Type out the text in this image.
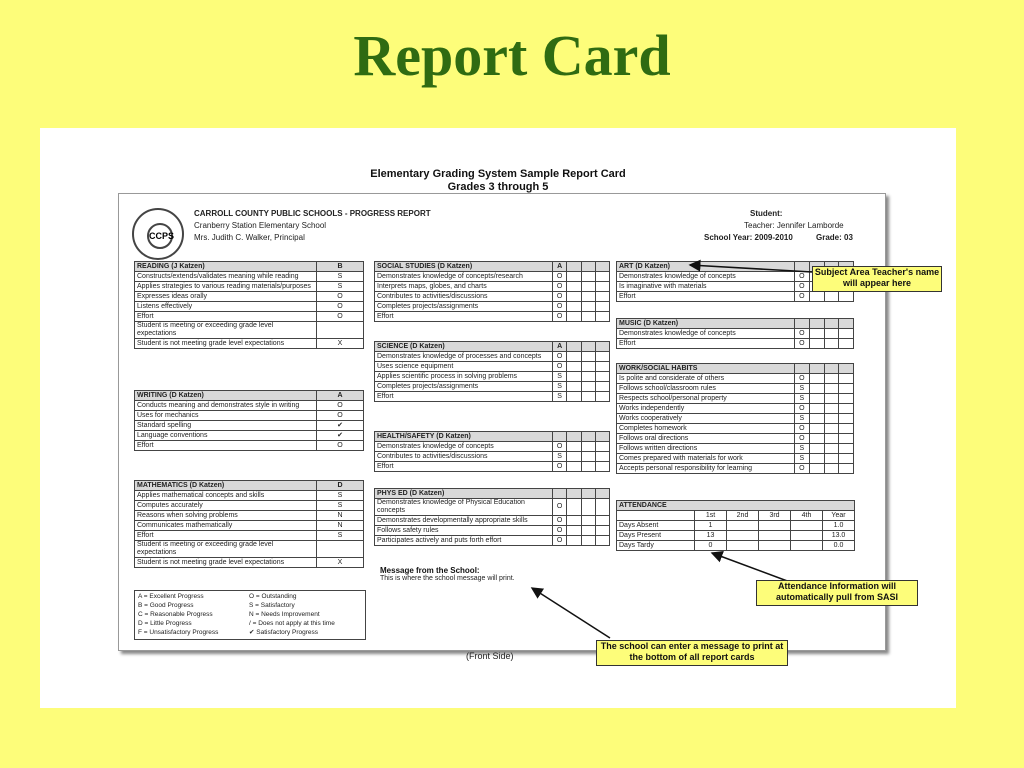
Report Card
Elementary Grading System Sample Report Card
Grades 3 through 5
CCPS
CARROLL COUNTY PUBLIC SCHOOLS - PROGRESS REPORT
Cranberry Station Elementary School
Mrs. Judith C. Walker, Principal
Student:
Teacher: Jennifer Lamborde
School Year: 2009-2010	Grade: 03
READING (J Katzen)	B
Constructs/extends/validates meaning while reading	S
Applies strategies to various reading materials/purposes	S
Expresses ideas orally	O
Listens effectively	O
Effort	O
Student is meeting or exceeding grade level expectations	
Student is not meeting grade level expectations	X
WRITING (D Katzen)	A
Conducts meaning and demonstrates style in writing	O
Uses for mechanics	O
Standard spelling	✔
Language conventions	✔
Effort	O
MATHEMATICS (D Katzen)	D
Applies mathematical concepts and skills	S
Computes accurately	S
Reasons when solving problems	N
Communicates mathematically	N
Effort	S
Student is meeting or exceeding grade level expectations	
Student is not meeting grade level expectations	X
SOCIAL STUDIES (D Katzen)	A			
Demonstrates knowledge of concepts/research	O			
Interprets maps, globes, and charts	O			
Contributes to activities/discussions	O			
Completes projects/assignments	O			
Effort	O			
SCIENCE (D Katzen)	A			
Demonstrates knowledge of processes and concepts	O			
Uses science equipment	O			
Applies scientific process in solving problems	S			
Completes projects/assignments	S			
Effort	S			
HEALTH/SAFETY (D Katzen)				
Demonstrates knowledge of concepts	O			
Contributes to activities/discussions	S			
Effort	O			
PHYS ED (D Katzen)				
Demonstrates knowledge of Physical Education concepts	O			
Demonstrates developmentally appropriate skills	O			
Follows safety rules	O			
Participates actively and puts forth effort	O			
ART (D Katzen)				
Demonstrates knowledge of concepts	O			
Is imaginative with materials	O			
Effort	O			
MUSIC (D Katzen)				
Demonstrates knowledge of concepts	O			
Effort	O			
WORK/SOCIAL HABITS				
Is polite and considerate of others	O			
Follows school/classroom rules	S			
Respects school/personal property	S			
Works independently	O			
Works cooperatively	S			
Completes homework	O			
Follows oral directions	O			
Follows written directions	S			
Comes prepared with materials for work	S			
Accepts personal responsibility for learning	O			
ATTENDANCE					
	1st	2nd	3rd	4th	Year
Days Absent	1				1.0
Days Present	13				13.0
Days Tardy	0				0.0
A = Excellent Progress	O = Outstanding
B = Good Progress	S = Satisfactory
C = Reasonable Progress	N = Needs Improvement
D = Little Progress	/ = Does not apply at this time
F = Unsatisfactory Progress	✔ Satisfactory Progress
Message from the School:
This is where the school message will print.
(Front Side)
Subject Area Teacher's name will appear here
Attendance Information will automatically pull from SASI
The school can enter a message to print at the bottom of all report cards
